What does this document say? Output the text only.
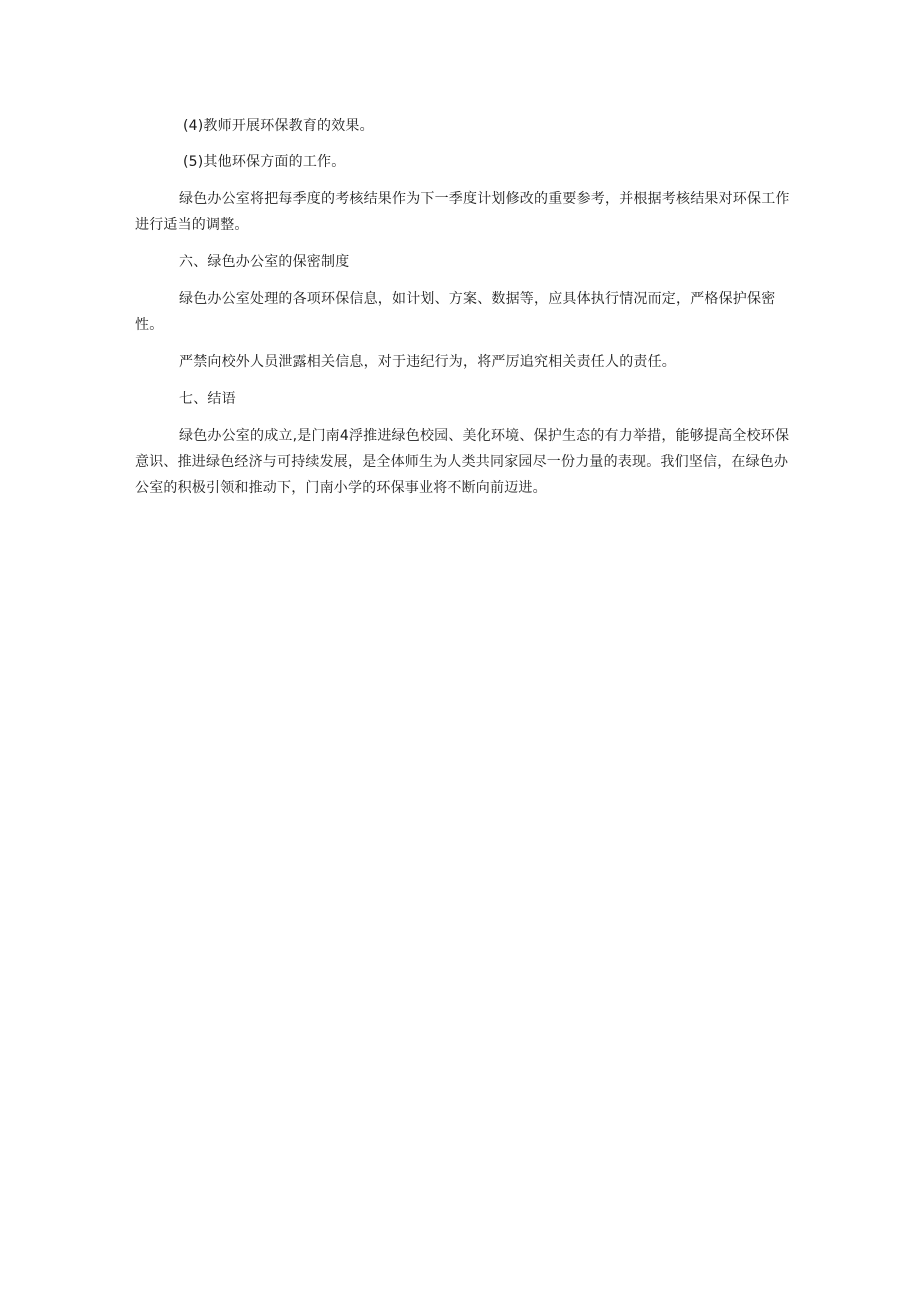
(4)教师开展环保教育的效果。

(5)其他环保方面的工作。

绿色办公室将把每季度的考核结果作为下一季度计划修改的重要参考，并根据考核结果对环保工作进行适当的调整。

六、绿色办公室的保密制度

绿色办公室处理的各项环保信息，如计划、方案、数据等，应具体执行情况而定，严格保护保密性。

严禁向校外人员泄露相关信息，对于违纪行为，将严厉追究相关责任人的责任。

七、结语

绿色办公室的成立,是门南4浮推进绿色校园、美化环境、保护生态的有力举措，能够提高全校环保意识、推进绿色经济与可持续发展，是全体师生为人类共同家园尽一份力量的表现。我们坚信，在绿色办公室的积极引领和推动下，门南小学的环保事业将不断向前迈进。
